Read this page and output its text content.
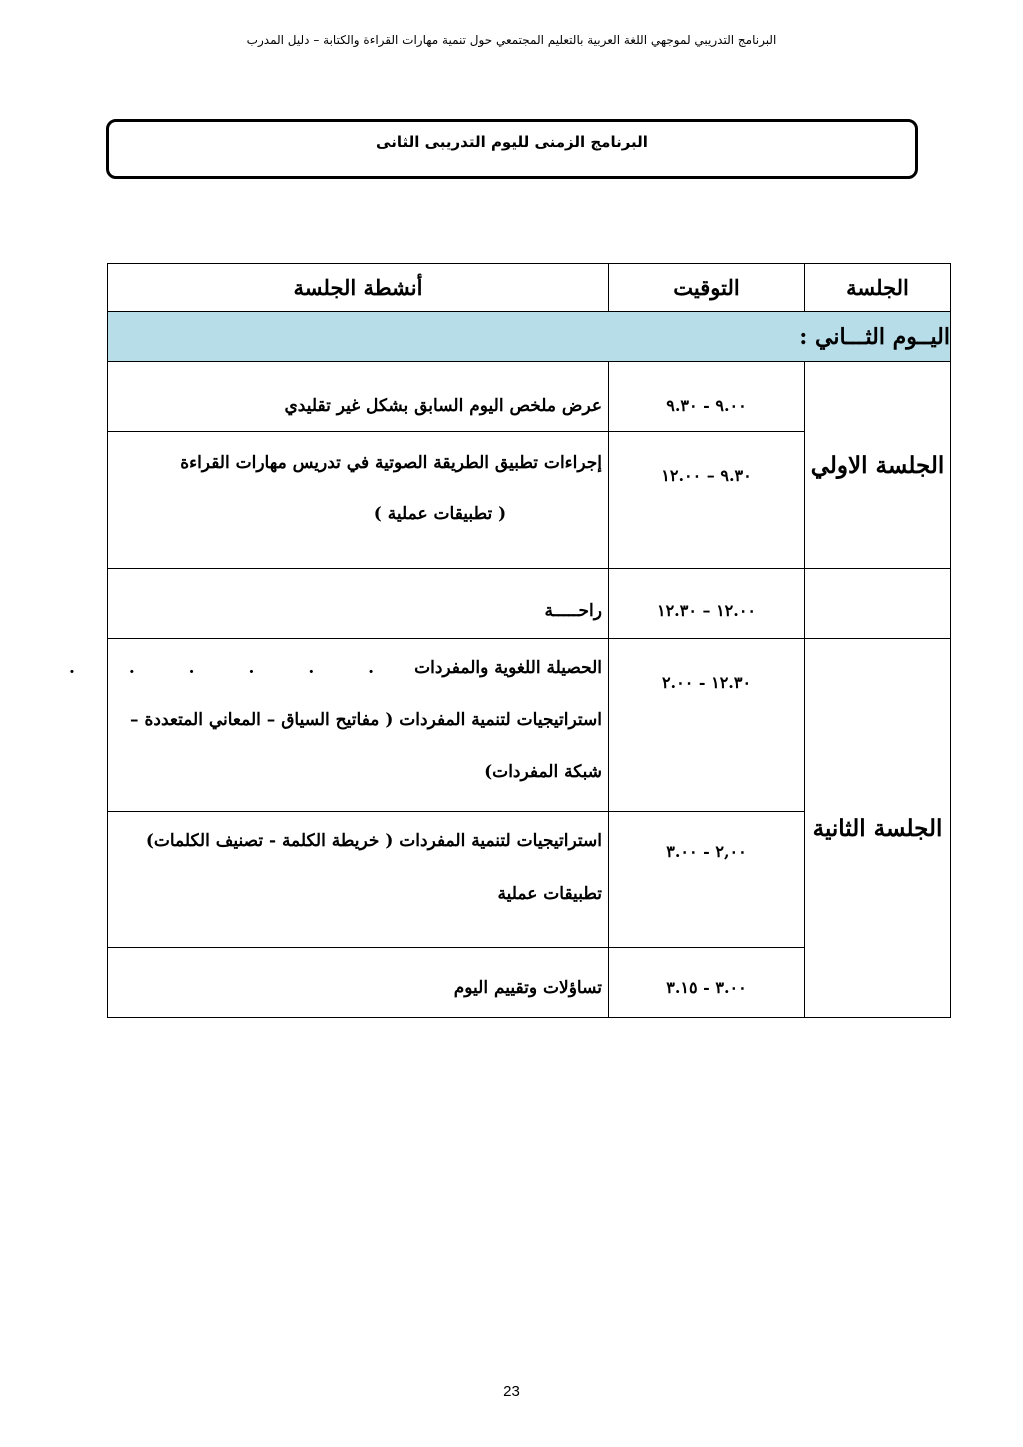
البرنامج التدريبي لموجهي اللغة العربية بالتعليم المجتمعي حول تنمية مهارات القراءة والكتابة – دليل المدرب
البرنامج الزمنى لليوم التدريبى الثانى
الجلسة	التوقيت	أنشطة الجلسة
اليــوم الثـــاني :		
الجلسة الاولي	٩.٠٠ - ٩.٣٠	عرض ملخص اليوم السابق بشكل غير تقليدي

	٩.٣٠ – ١٢.٠٠	إجراءات تطبيق الطريقة الصوتية في تدريس مهارات القراءة
( تطبيقات عملية )

	١٢.٠٠ – ١٢.٣٠	راحـــــة

الجلسة الثانية	١٢.٣٠ - ٢.٠٠	الحصيلة اللغوية والمفردات. . . . . .
استراتيجيات لتنمية المفردات ( مفاتيح السياق – المعاني المتعددة –
شبكة المفردات)

	٢,٠٠ - ٣.٠٠	استراتيجيات لتنمية المفردات ( خريطة الكلمة - تصنيف الكلمات)
تطبيقات عملية

	٣.٠٠ - ٣.١٥	تساؤلات وتقييم اليوم
23
